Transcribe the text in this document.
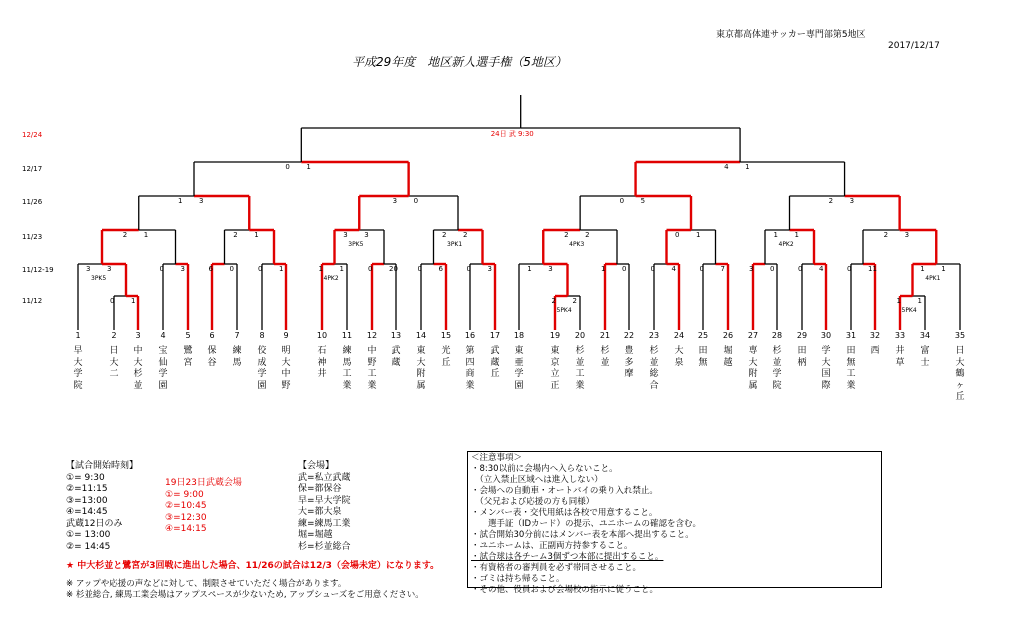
東京都高体連サッカー専門部第5地区
2017/12/17
平成29年度　地区新人選手権（5地区）
12/24
12/17
11/26
11/23
11/12-19
11/12	0 1	2 2
5PK4
1 1
5PK4
3 3
3PK5
0 3	6 0	0 1	1 1
4PK2
0 20	0 6	0 3	1 3	1 0	0 4	0 7	3 0	0 4	0 11	1 1
4PK1
2 1	2 1	3 3
3PK5
2 2
3PK1
2 2
4PK3
0 1	1 1
4PK2
2 3
1 3	3 0	0 5	2 3
0 1	4 1
24日 武 9:30
1
早大学院
2
日大二
3
中大杉並
4
宝仙学園
5
鷺宮
6
保谷
7
練馬
8
佼成学園
9
明大中野
10
石神井
11
練馬工業
12
中野工業
13
武蔵
14
東大附属
15
光丘
16
第四商業
17
武蔵丘
18
東亜学園
19
東京立正
20
杉並工業
21
杉並
22
豊多摩
23
杉並総合
24
大泉
25
田無
26
堀越
27
専大附属
28
杉並学院
29
田柄
30
学大国際
31
田無工業
32
西
33
井草
34
富士
35
日大鶴ヶ丘
【試合開始時刻】
①= 9:30
②=11:15
③=13:00
④=14:45
武蔵12日のみ
①= 13:00
②= 14:45
19日23日武蔵会場
①= 9:00
②=10:45
③=12:30
④=14:15
【会場】
武=私立武蔵
保=都保谷
早=早大学院
大=都大泉
練=練馬工業
堀=堀越
杉=杉並総合
★ 中大杉並と鷺宮が3回戦に進出した場合、11/26の試合は12/3（会場未定）になります。
※ アップや応援の声などに対して、制限させていただく場合があります。
※ 杉並総合, 練馬工業会場はアップスペースが少ないため, アップシューズをご用意ください。
＜注意事項＞
・8:30以前に会場内へ入らないこと。
　（立入禁止区域へは進入しない）
・会場への自動車・オートバイの乗り入れ禁止。
　（父兄および応援の方も同様）
・メンバー表・交代用紙は各校で用意すること。
　　選手証（IDカード）の提示、ユニホームの確認を含む。
・試合開始30分前にはメンバー表を本部へ提出すること。
・ユニホームは、正副両方持参すること。
・試合球は各チーム3個ずつ本部に提出すること。
・有資格者の審判員を必ず帯同させること。
・ゴミは持ち帰ること。
・その他、役員および会場校の指示に従うこと。
